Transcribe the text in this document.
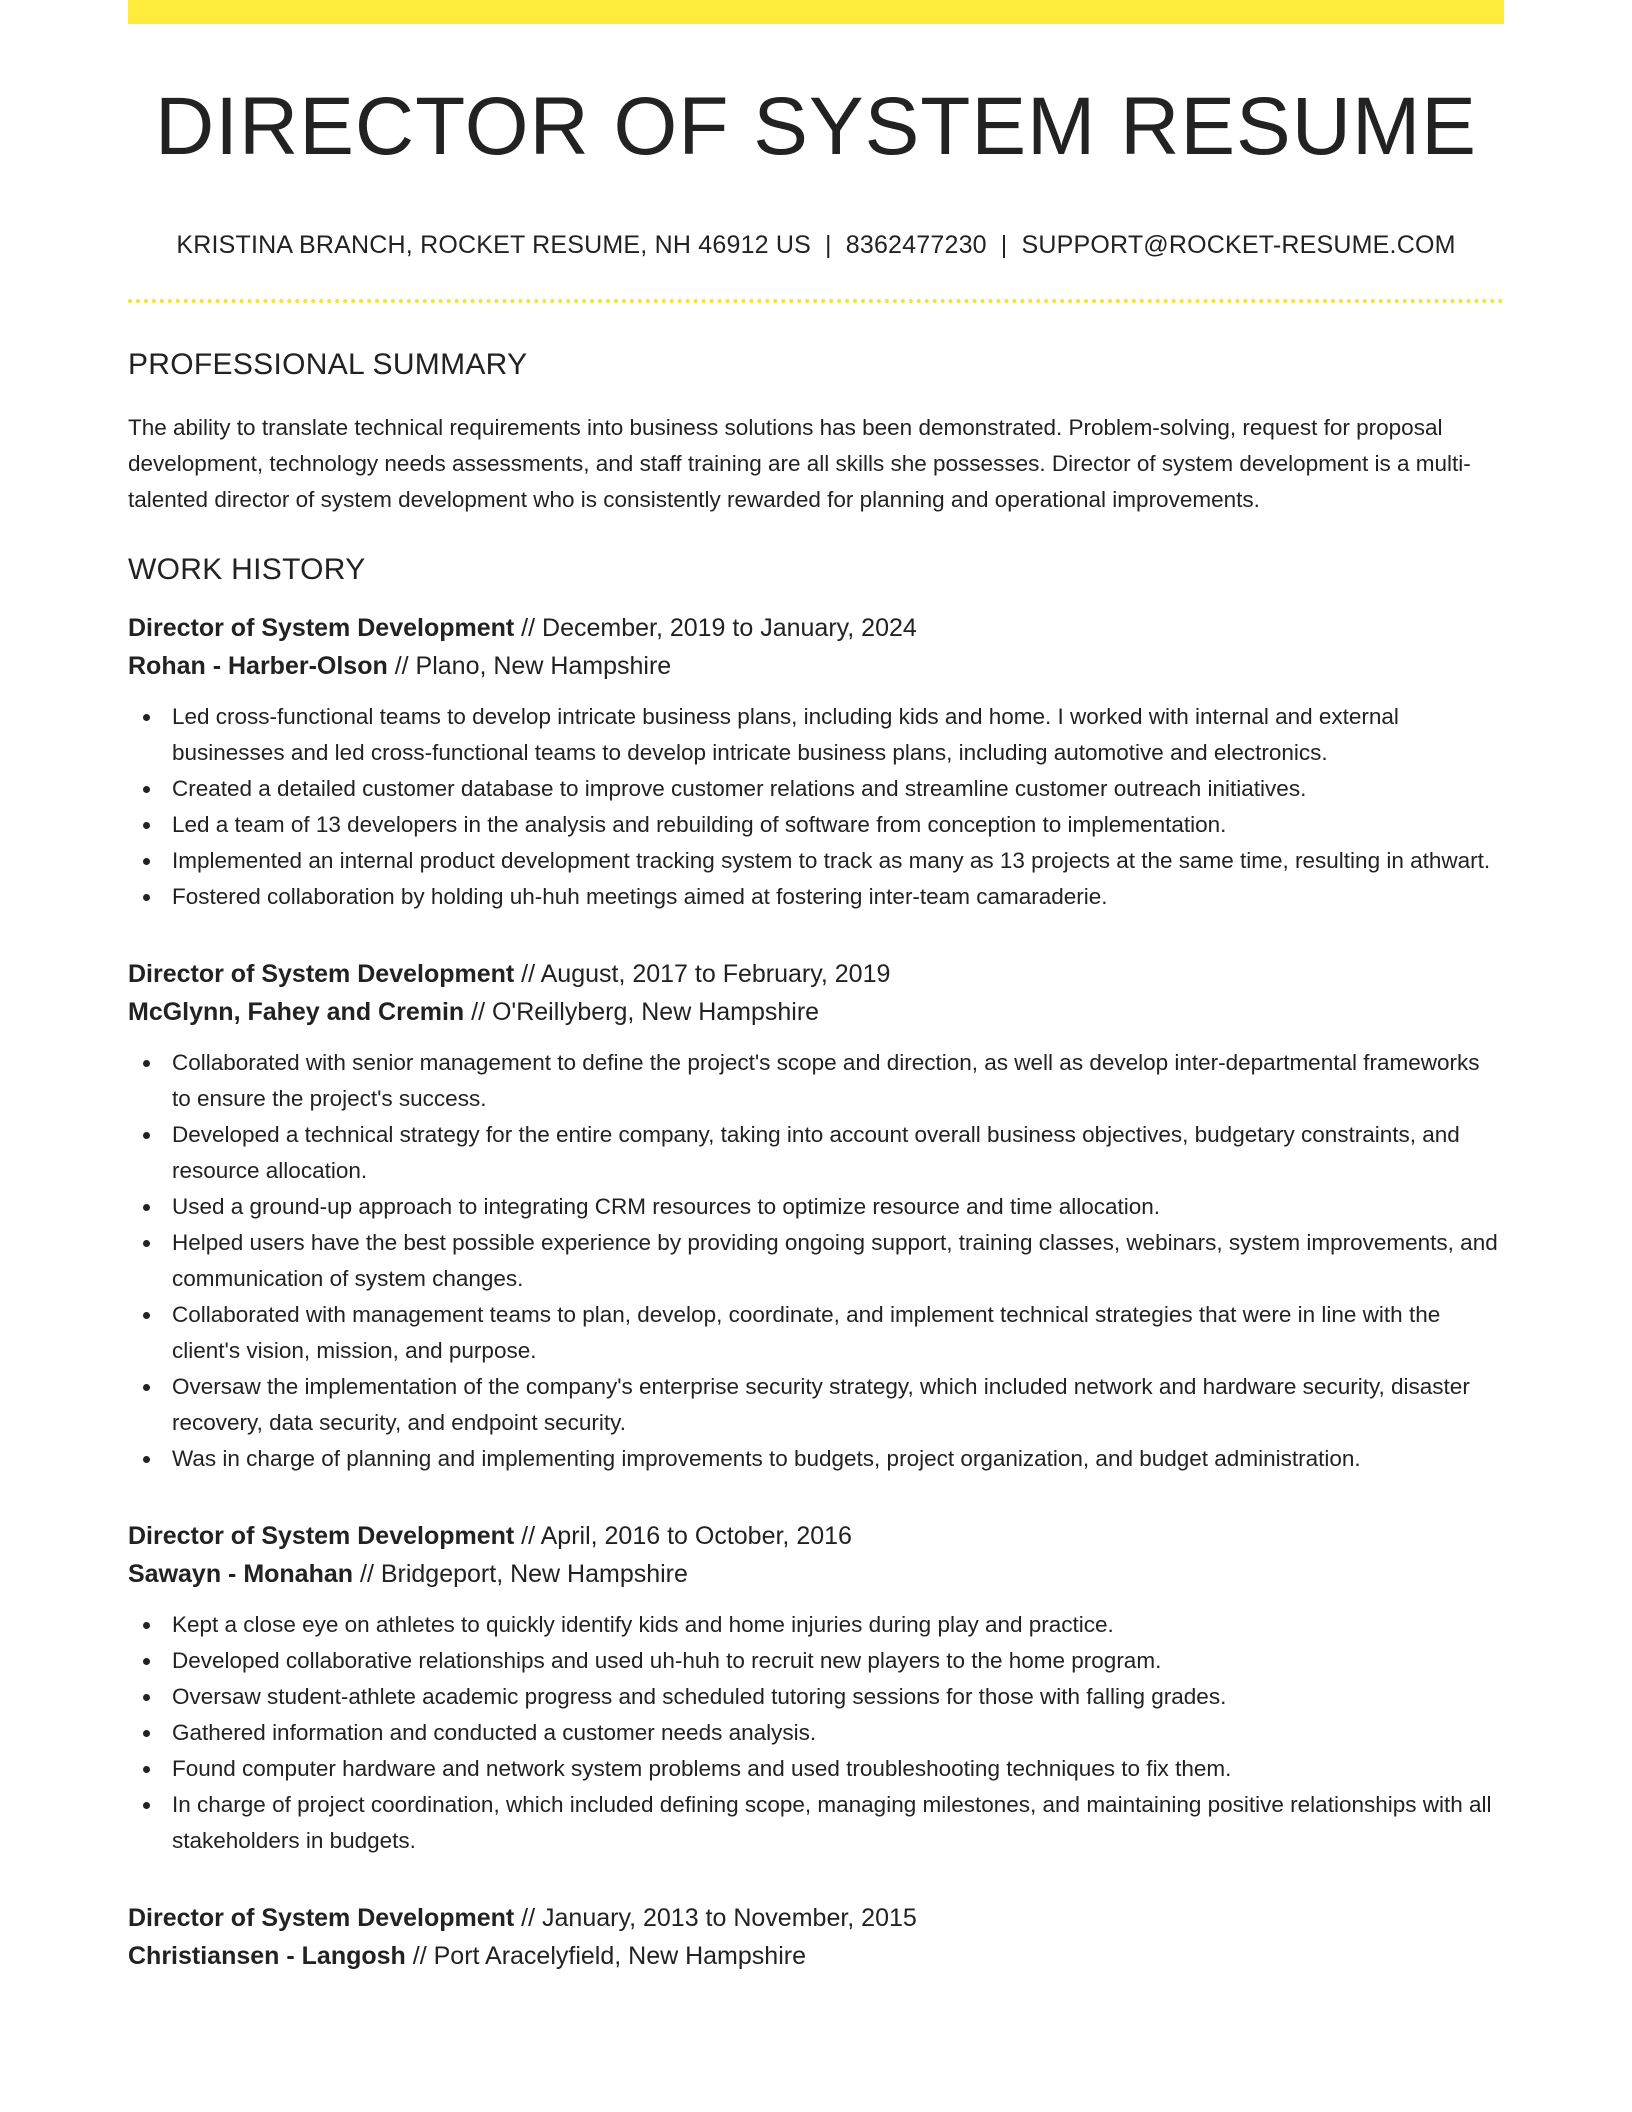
DIRECTOR OF SYSTEM RESUME
KRISTINA BRANCH, ROCKET RESUME, NH 46912 US | 8362477230 | SUPPORT@ROCKET-RESUME.COM
PROFESSIONAL SUMMARY
The ability to translate technical requirements into business solutions has been demonstrated. Problem-solving, request for proposal development, technology needs assessments, and staff training are all skills she possesses. Director of system development is a multi-talented director of system development who is consistently rewarded for planning and operational improvements.
WORK HISTORY
Director of System Development // December, 2019 to January, 2024
Rohan - Harber-Olson // Plano, New Hampshire
Led cross-functional teams to develop intricate business plans, including kids and home. I worked with internal and external businesses and led cross-functional teams to develop intricate business plans, including automotive and electronics.
Created a detailed customer database to improve customer relations and streamline customer outreach initiatives.
Led a team of 13 developers in the analysis and rebuilding of software from conception to implementation.
Implemented an internal product development tracking system to track as many as 13 projects at the same time, resulting in athwart.
Fostered collaboration by holding uh-huh meetings aimed at fostering inter-team camaraderie.
Director of System Development // August, 2017 to February, 2019
McGlynn, Fahey and Cremin // O'Reillyberg, New Hampshire
Collaborated with senior management to define the project's scope and direction, as well as develop inter-departmental frameworks to ensure the project's success.
Developed a technical strategy for the entire company, taking into account overall business objectives, budgetary constraints, and resource allocation.
Used a ground-up approach to integrating CRM resources to optimize resource and time allocation.
Helped users have the best possible experience by providing ongoing support, training classes, webinars, system improvements, and communication of system changes.
Collaborated with management teams to plan, develop, coordinate, and implement technical strategies that were in line with the client's vision, mission, and purpose.
Oversaw the implementation of the company's enterprise security strategy, which included network and hardware security, disaster recovery, data security, and endpoint security.
Was in charge of planning and implementing improvements to budgets, project organization, and budget administration.
Director of System Development // April, 2016 to October, 2016
Sawayn - Monahan // Bridgeport, New Hampshire
Kept a close eye on athletes to quickly identify kids and home injuries during play and practice.
Developed collaborative relationships and used uh-huh to recruit new players to the home program.
Oversaw student-athlete academic progress and scheduled tutoring sessions for those with falling grades.
Gathered information and conducted a customer needs analysis.
Found computer hardware and network system problems and used troubleshooting techniques to fix them.
In charge of project coordination, which included defining scope, managing milestones, and maintaining positive relationships with all stakeholders in budgets.
Director of System Development // January, 2013 to November, 2015
Christiansen - Langosh // Port Aracelyfield, New Hampshire
